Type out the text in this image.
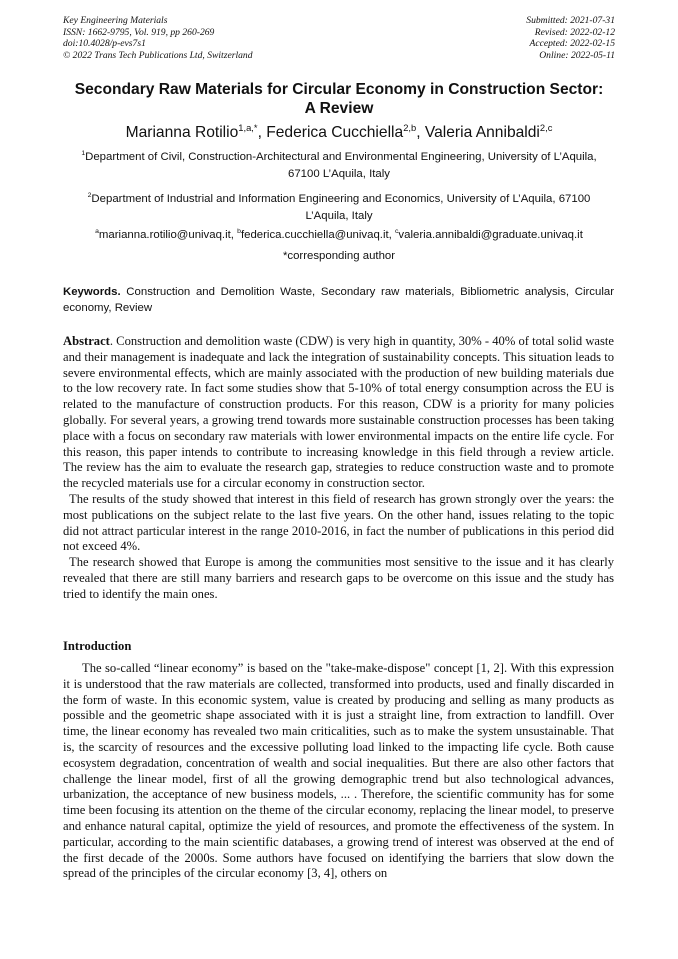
Key Engineering Materials
ISSN: 1662-9795, Vol. 919, pp 260-269
doi:10.4028/p-evs7s1
© 2022 Trans Tech Publications Ltd, Switzerland
Submitted: 2021-07-31
Revised: 2022-02-12
Accepted: 2022-02-15
Online: 2022-05-11
Secondary Raw Materials for Circular Economy in Construction Sector:
A Review
Marianna Rotilio$^{1,a,*}$, Federica Cucchiella$^{2,b}$, Valeria Annibaldi$^{2,c}$
$^1$Department of Civil, Construction-Architectural and Environmental Engineering, University of L’Aquila, 67100 L’Aquila, Italy
$^2$Department of Industrial and Information Engineering and Economics, University of L’Aquila, 67100 L’Aquila, Italy
$^a$marianna.rotilio@univaq.it, $^b$federica.cucchiella@univaq.it, $^c$valeria.annibaldi@graduate.univaq.it
*corresponding author
Keywords. Construction and Demolition Waste, Secondary raw materials, Bibliometric analysis, Circular economy, Review

Abstract. Construction and demolition waste (CDW) is very high in quantity, 30% - 40% of total solid waste and their management is inadequate and lack the integration of sustainability concepts. This situation leads to severe environmental effects, which are mainly associated with the production of new building materials due to the low recovery rate. In fact some studies show that 5-10% of total energy consumption across the EU is related to the manufacture of construction products. For this reason, CDW is a priority for many policies globally. For several years, a growing trend towards more sustainable construction processes has been taking place with a focus on secondary raw materials with lower environmental impacts on the entire life cycle. For this reason, this paper intends to contribute to increasing knowledge in this field through a review article. The review has the aim to evaluate the research gap, strategies to reduce construction waste and to promote the recycled materials use for a circular economy in construction sector.

The results of the study showed that interest in this field of research has grown strongly over the years: the most publications on the subject relate to the last five years. On the other hand, issues relating to the topic did not attract particular interest in the range 2010-2016, in fact the number of publications in this period did not exceed 4%.

The research showed that Europe is among the communities most sensitive to the issue and it has clearly revealed that there are still many barriers and research gaps to be overcome on this issue and the study has tried to identify the main ones.

Introduction

The so-called “linear economy” is based on the "take-make-dispose" concept [1, 2]. With this expression it is understood that the raw materials are collected, transformed into products, used and finally discarded in the form of waste. In this economic system, value is created by producing and selling as many products as possible and the geometric shape associated with it is just a straight line, from extraction to landfill. Over time, the linear economy has revealed two main criticalities, such as to make the system unsustainable. That is, the scarcity of resources and the excessive polluting load linked to the impacting life cycle. Both cause ecosystem degradation, concentration of wealth and social inequalities. But there are also other factors that challenge the linear model, first of all the growing demographic trend but also technological advances, urbanization, the acceptance of new business models, ... . Therefore, the scientific community has for some time been focusing its attention on the theme of the circular economy, replacing the linear model, to preserve and enhance natural capital, optimize the yield of resources, and promote the effectiveness of the system. In particular, according to the main scientific databases, a growing trend of interest was observed at the end of the first decade of the 2000s. Some authors have focused on identifying the barriers that slow down the spread of the principles of the circular economy [3, 4], others on
